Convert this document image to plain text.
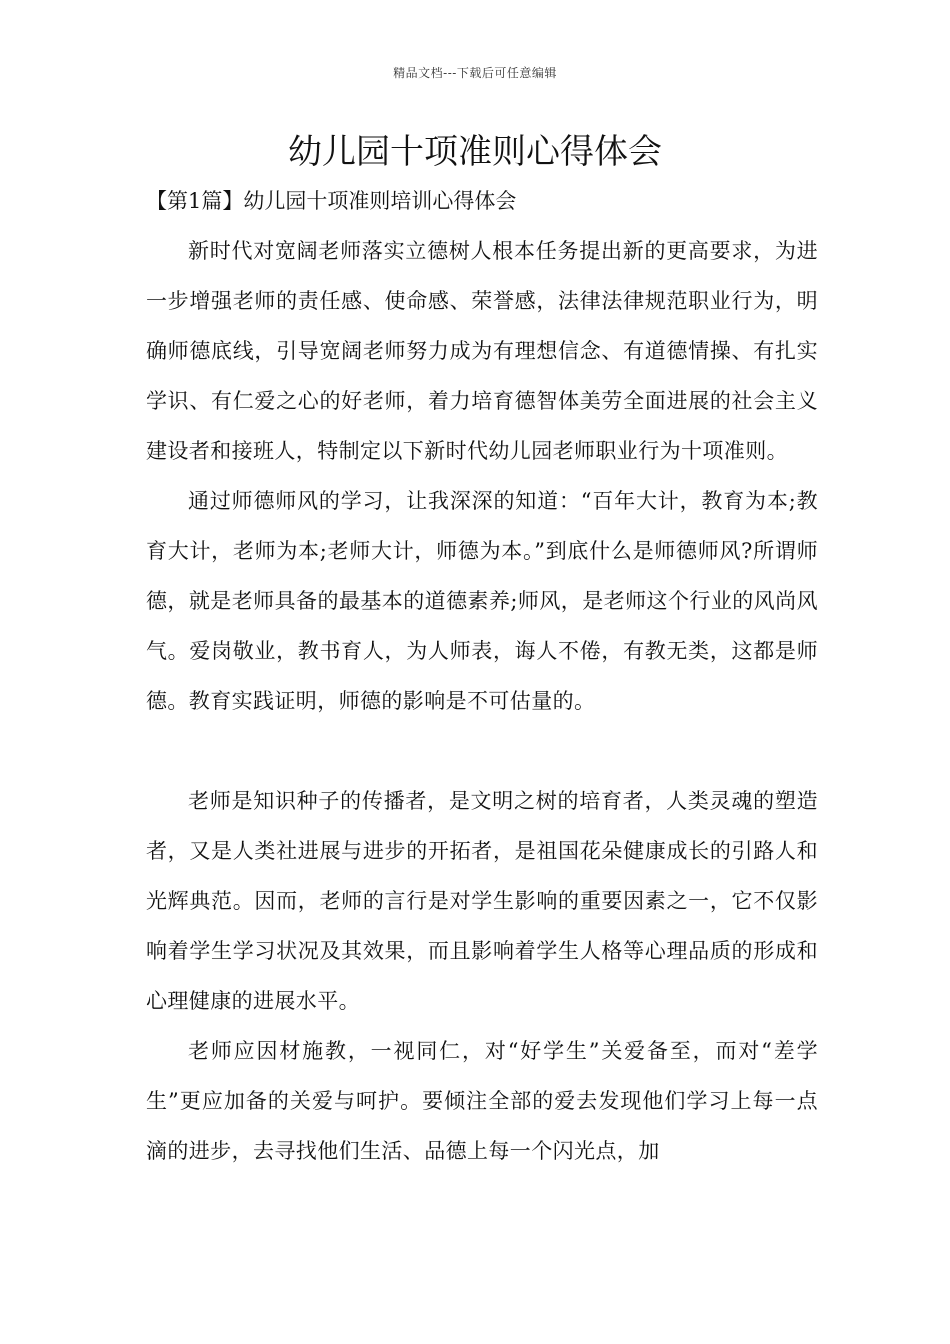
精品文档---下载后可任意编辑
幼儿园十项准则心得体会
【第1篇】幼儿园十项准则培训心得体会

新时代对宽阔老师落实立德树人根本任务提出新的更高要求，为进一步增强老师的责任感、使命感、荣誉感，法律法律规范职业行为，明确师德底线，引导宽阔老师努力成为有理想信念、有道德情操、有扎实学识、有仁爱之心的好老师，着力培育德智体美劳全面进展的社会主义建设者和接班人，特制定以下新时代幼儿园老师职业行为十项准则。

通过师德师风的学习，让我深深的知道：“百年大计，教育为本;教育大计，老师为本;老师大计，师德为本。”到底什么是师德师风?所谓师德，就是老师具备的最基本的道德素养;师风，是老师这个行业的风尚风气。爱岗敬业，教书育人，为人师表，诲人不倦，有教无类，这都是师德。教育实践证明，师德的影响是不可估量的。

老师是知识种子的传播者，是文明之树的培育者，人类灵魂的塑造者，又是人类社进展与进步的开拓者，是祖国花朵健康成长的引路人和光辉典范。因而，老师的言行是对学生影响的重要因素之一，它不仅影响着学生学习状况及其效果，而且影响着学生人格等心理品质的形成和心理健康的进展水平。

老师应因材施教，一视同仁，对“好学生”关爱备至，而对“差学生”更应加备的关爱与呵护。要倾注全部的爱去发现他们学习上每一点滴的进步，去寻找他们生活、品德上每一个闪光点，加
